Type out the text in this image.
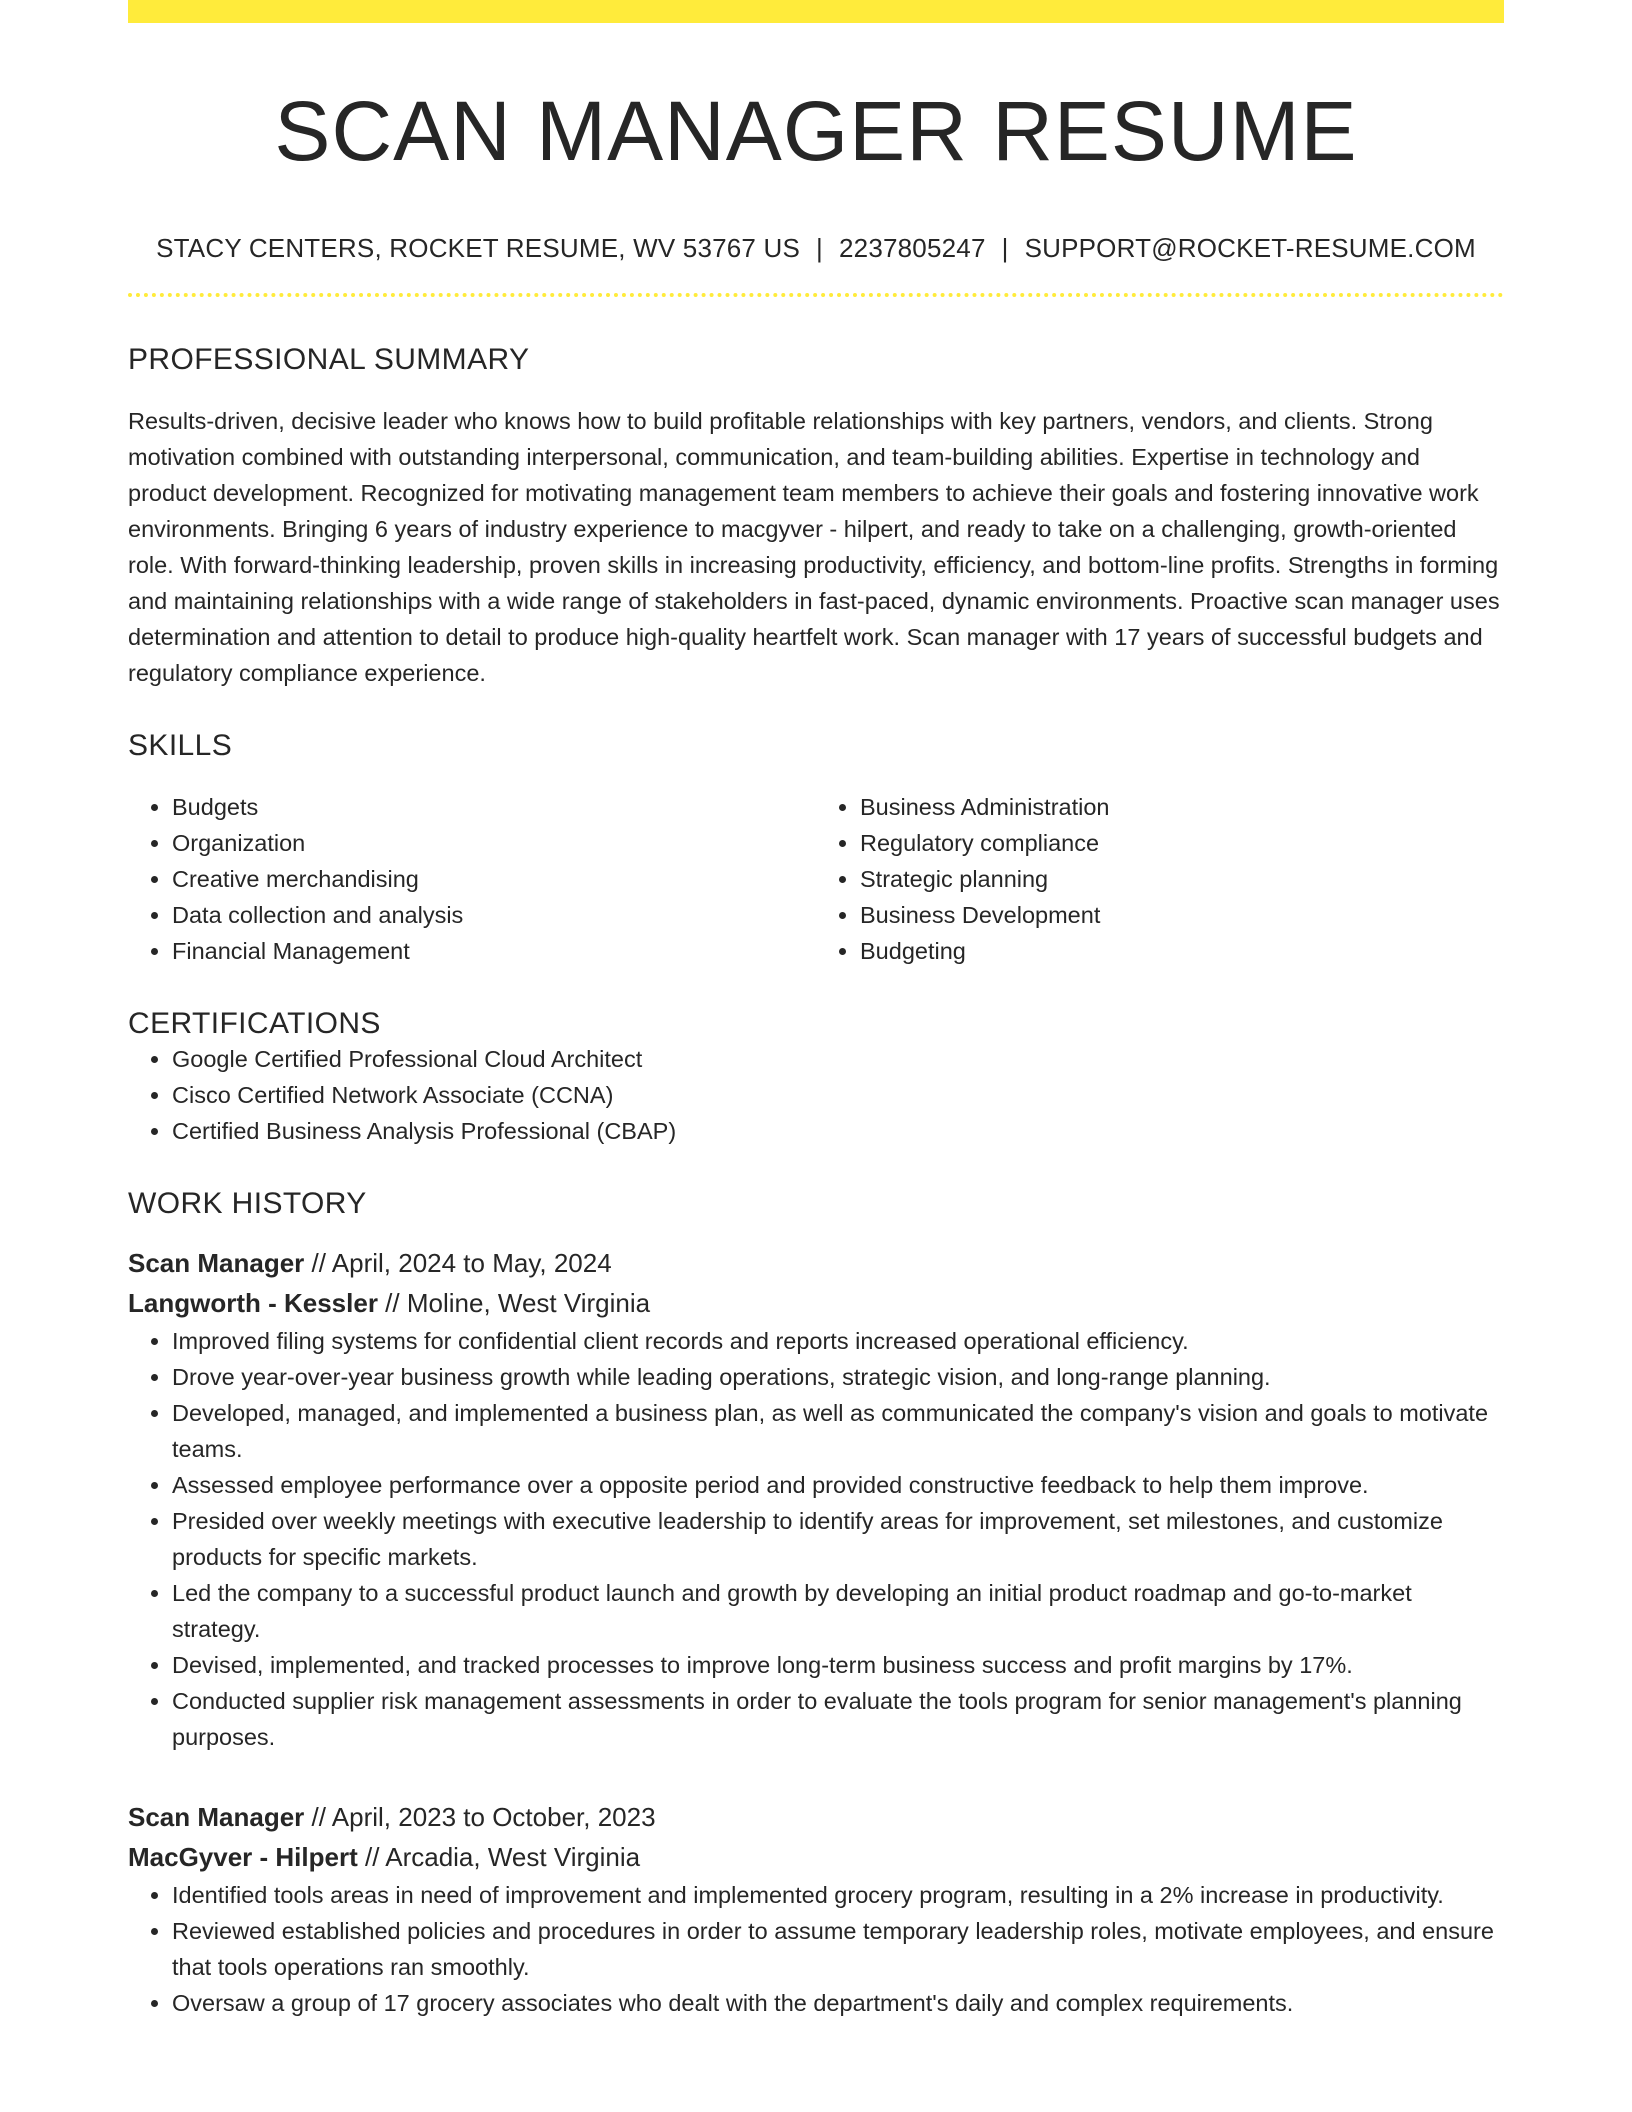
SCAN MANAGER RESUME
STACY CENTERS, ROCKET RESUME, WV 53767 US | 2237805247 | SUPPORT@ROCKET-RESUME.COM
PROFESSIONAL SUMMARY

Results-driven, decisive leader who knows how to build profitable relationships with key partners, vendors, and clients. Strong motivation combined with outstanding interpersonal, communication, and team-building abilities. Expertise in technology and product development. Recognized for motivating management team members to achieve their goals and fostering innovative work environments. Bringing 6 years of industry experience to macgyver - hilpert, and ready to take on a challenging, growth-oriented role. With forward-thinking leadership, proven skills in increasing productivity, efficiency, and bottom-line profits. Strengths in forming and maintaining relationships with a wide range of stakeholders in fast-paced, dynamic environments. Proactive scan manager uses determination and attention to detail to produce high-quality heartfelt work. Scan manager with 17 years of successful budgets and regulatory compliance experience.

SKILLS
• Budgets
• Organization
• Creative merchandising
• Data collection and analysis
• Financial Management
• Business Administration
• Regulatory compliance
• Strategic planning
• Business Development
• Budgeting
CERTIFICATIONS
• Google Certified Professional Cloud Architect
• Cisco Certified Network Associate (CCNA)
• Certified Business Analysis Professional (CBAP)
WORK HISTORY
Scan Manager // April, 2024 to May, 2024
Langworth - Kessler // Moline, West Virginia
• Improved filing systems for confidential client records and reports increased operational efficiency.
• Drove year-over-year business growth while leading operations, strategic vision, and long-range planning.
• Developed, managed, and implemented a business plan, as well as communicated the company's vision and goals to motivate teams.
• Assessed employee performance over a opposite period and provided constructive feedback to help them improve.
• Presided over weekly meetings with executive leadership to identify areas for improvement, set milestones, and customize products for specific markets.
• Led the company to a successful product launch and growth by developing an initial product roadmap and go-to-market strategy.
• Devised, implemented, and tracked processes to improve long-term business success and profit margins by 17%.
• Conducted supplier risk management assessments in order to evaluate the tools program for senior management's planning purposes.
Scan Manager // April, 2023 to October, 2023
MacGyver - Hilpert // Arcadia, West Virginia
• Identified tools areas in need of improvement and implemented grocery program, resulting in a 2% increase in productivity.
• Reviewed established policies and procedures in order to assume temporary leadership roles, motivate employees, and ensure that tools operations ran smoothly.
• Oversaw a group of 17 grocery associates who dealt with the department's daily and complex requirements.
